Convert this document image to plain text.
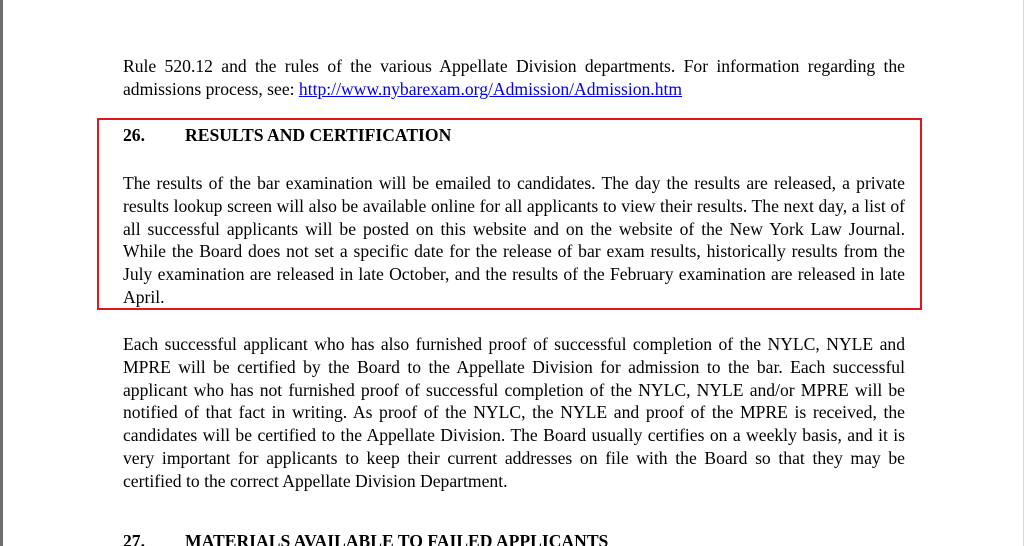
Rule 520.12 and the rules of the various Appellate Division departments. For information regarding the admissions process, see: http://www.nybarexam.org/Admission/Admission.htm

26. RESULTS AND CERTIFICATION

The results of the bar examination will be emailed to candidates. The day the results are released, a private results lookup screen will also be available online for all applicants to view their results. The next day, a list of all successful applicants will be posted on this website and on the website of the New York Law Journal. While the Board does not set a specific date for the release of bar exam results, historically results from the July examination are released in late October, and the results of the February examination are released in late April.

Each successful applicant who has also furnished proof of successful completion of the NYLC, NYLE and MPRE will be certified by the Board to the Appellate Division for admission to the bar. Each successful applicant who has not furnished proof of successful completion of the NYLC, NYLE and/or MPRE will be notified of that fact in writing. As proof of the NYLC, the NYLE and proof of the MPRE is received, the candidates will be certified to the Appellate Division. The Board usually certifies on a weekly basis, and it is very important for applicants to keep their current addresses on file with the Board so that they may be certified to the correct Appellate Division Department.

27. MATERIALS AVAILABLE TO FAILED APPLICANTS
